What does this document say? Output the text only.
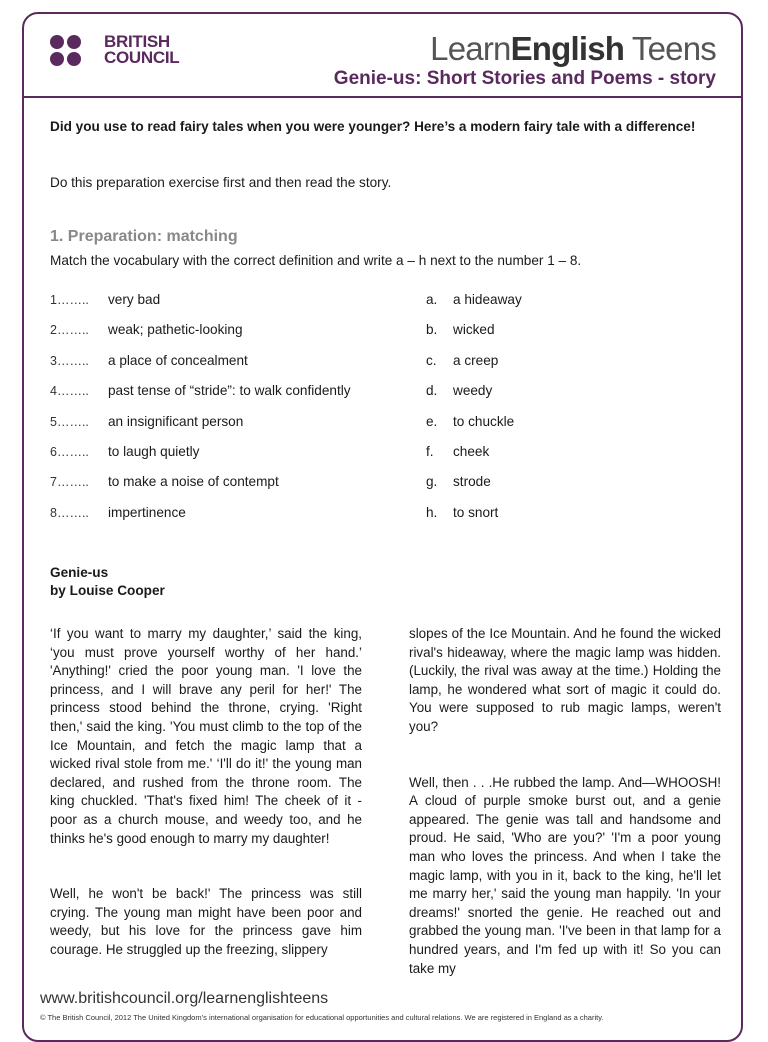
BRITISH
COUNCIL	LearnEnglish Teens
Genie-us: Short Stories and Poems - story
Did you use to read fairy tales when you were younger? Here’s a modern fairy tale with a difference!
Do this preparation exercise first and then read the story.
1. Preparation: matching
Match the vocabulary with the correct definition and write a – h next to the number 1 – 8.
1……..	very bad
2……..	weak; pathetic-looking
3……..	a place of concealment
4……..	past tense of “stride”: to walk confidently
5……..	an insignificant person
6……..	to laugh quietly
7……..	to make a noise of contempt
8……..	impertinence
a.	a hideaway
b.	wicked
c.	a creep
d.	weedy
e.	to chuckle
f.	cheek
g.	strode
h.	to snort
Genie-us
by Louise Cooper

‘If you want to marry my daughter,’ said the king, ‘you must prove yourself worthy of her hand.’ 'Anything!' cried the poor young man. 'I love the princess, and I will brave any peril for her!' The princess stood behind the throne, crying. 'Right then,' said the king. 'You must climb to the top of the Ice Mountain, and fetch the magic lamp that a wicked rival stole from me.' ‘I'll do it!' the young man declared, and rushed from the throne room. The king chuckled. 'That's fixed him! The cheek of it - poor as a church mouse, and weedy too, and he thinks he's good enough to marry my daughter!

Well, he won't be back!' The princess was still crying. The young man might have been poor and weedy, but his love for the princess gave him courage. He struggled up the freezing, slippery

slopes of the Ice Mountain. And he found the wicked rival's hideaway, where the magic lamp was hidden. (Luckily, the rival was away at the time.) Holding the lamp, he wondered what sort of magic it could do. You were supposed to rub magic lamps, weren't you?

Well, then . . .He rubbed the lamp. And—WHOOSH! A cloud of purple smoke burst out, and a genie appeared. The genie was tall and handsome and proud. He said, 'Who are you?' 'I'm a poor young man who loves the princess. And when I take the magic lamp, with you in it, back to the king, he'll let me marry her,' said the young man happily. 'In your dreams!' snorted the genie. He reached out and grabbed the young man. 'I've been in that lamp for a hundred years, and I'm fed up with it! So you can take my

www.britishcouncil.org/learnenglishteens
© The British Council, 2012 The United Kingdom’s international organisation for educational opportunities and cultural relations. We are registered in England as a charity.
